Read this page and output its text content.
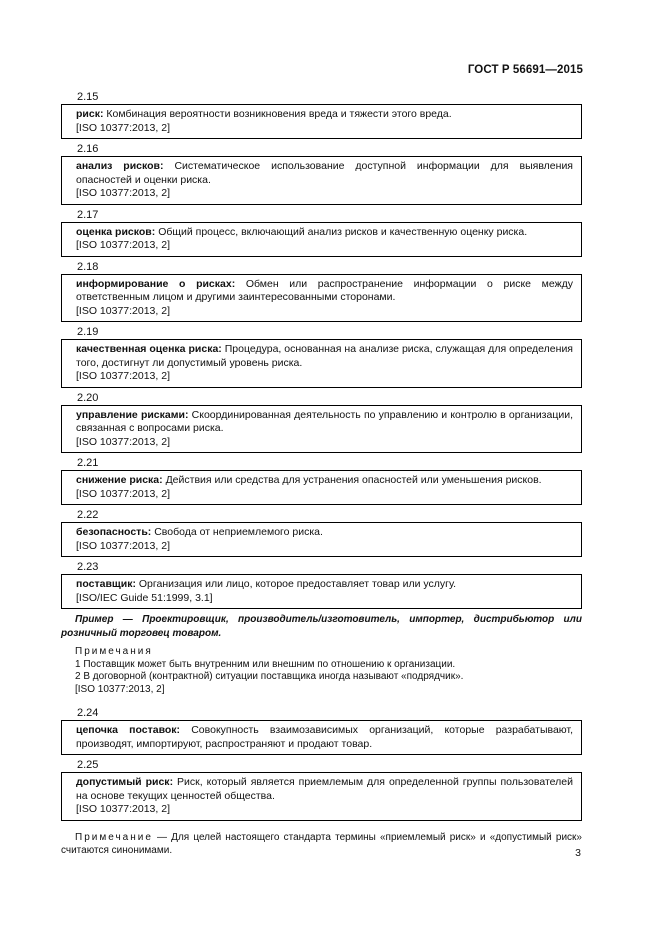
ГОСТ Р 56691—2015
2.15
риск: Комбинация вероятности возникновения вреда и тяжести этого вреда.
[ISO 10377:2013, 2]
2.16
анализ рисков: Систематическое использование доступной информации для выявления опасностей и оценки риска.
[ISO 10377:2013, 2]
2.17
оценка рисков: Общий процесс, включающий анализ рисков и качественную оценку риска.
[ISO 10377:2013, 2]
2.18
информирование о рисках: Обмен или распространение информации о риске между ответственным лицом и другими заинтересованными сторонами.
[ISO 10377:2013, 2]
2.19
качественная оценка риска: Процедура, основанная на анализе риска, служащая для определения того, достигнут ли допустимый уровень риска.
[ISO 10377:2013, 2]
2.20
управление рисками: Скоординированная деятельность по управлению и контролю в организации, связанная с вопросами риска.
[ISO 10377:2013, 2]
2.21
снижение риска: Действия или средства для устранения опасностей или уменьшения рисков.
[ISO 10377:2013, 2]
2.22
безопасность: Свобода от неприемлемого риска.
[ISO 10377:2013, 2]
2.23
поставщик: Организация или лицо, которое предоставляет товар или услугу.
[ISO/IEC Guide 51:1999, 3.1]
Пример — Проектировщик, производитель/изготовитель, импортер, дистрибьютор или розничный торговец товаром.
Примечания
1 Поставщик может быть внутренним или внешним по отношению к организации.
2 В договорной (контрактной) ситуации поставщика иногда называют «подрядчик».
[ISO 10377:2013, 2]
2.24
цепочка поставок: Совокупность взаимозависимых организаций, которые разрабатывают, производят, импортируют, распространяют и продают товар.
2.25
допустимый риск: Риск, который является приемлемым для определенной группы пользователей на основе текущих ценностей общества.
[ISO 10377:2013, 2]
Примечание — Для целей настоящего стандарта термины «приемлемый риск» и «допустимый риск» считаются синонимами.	3
